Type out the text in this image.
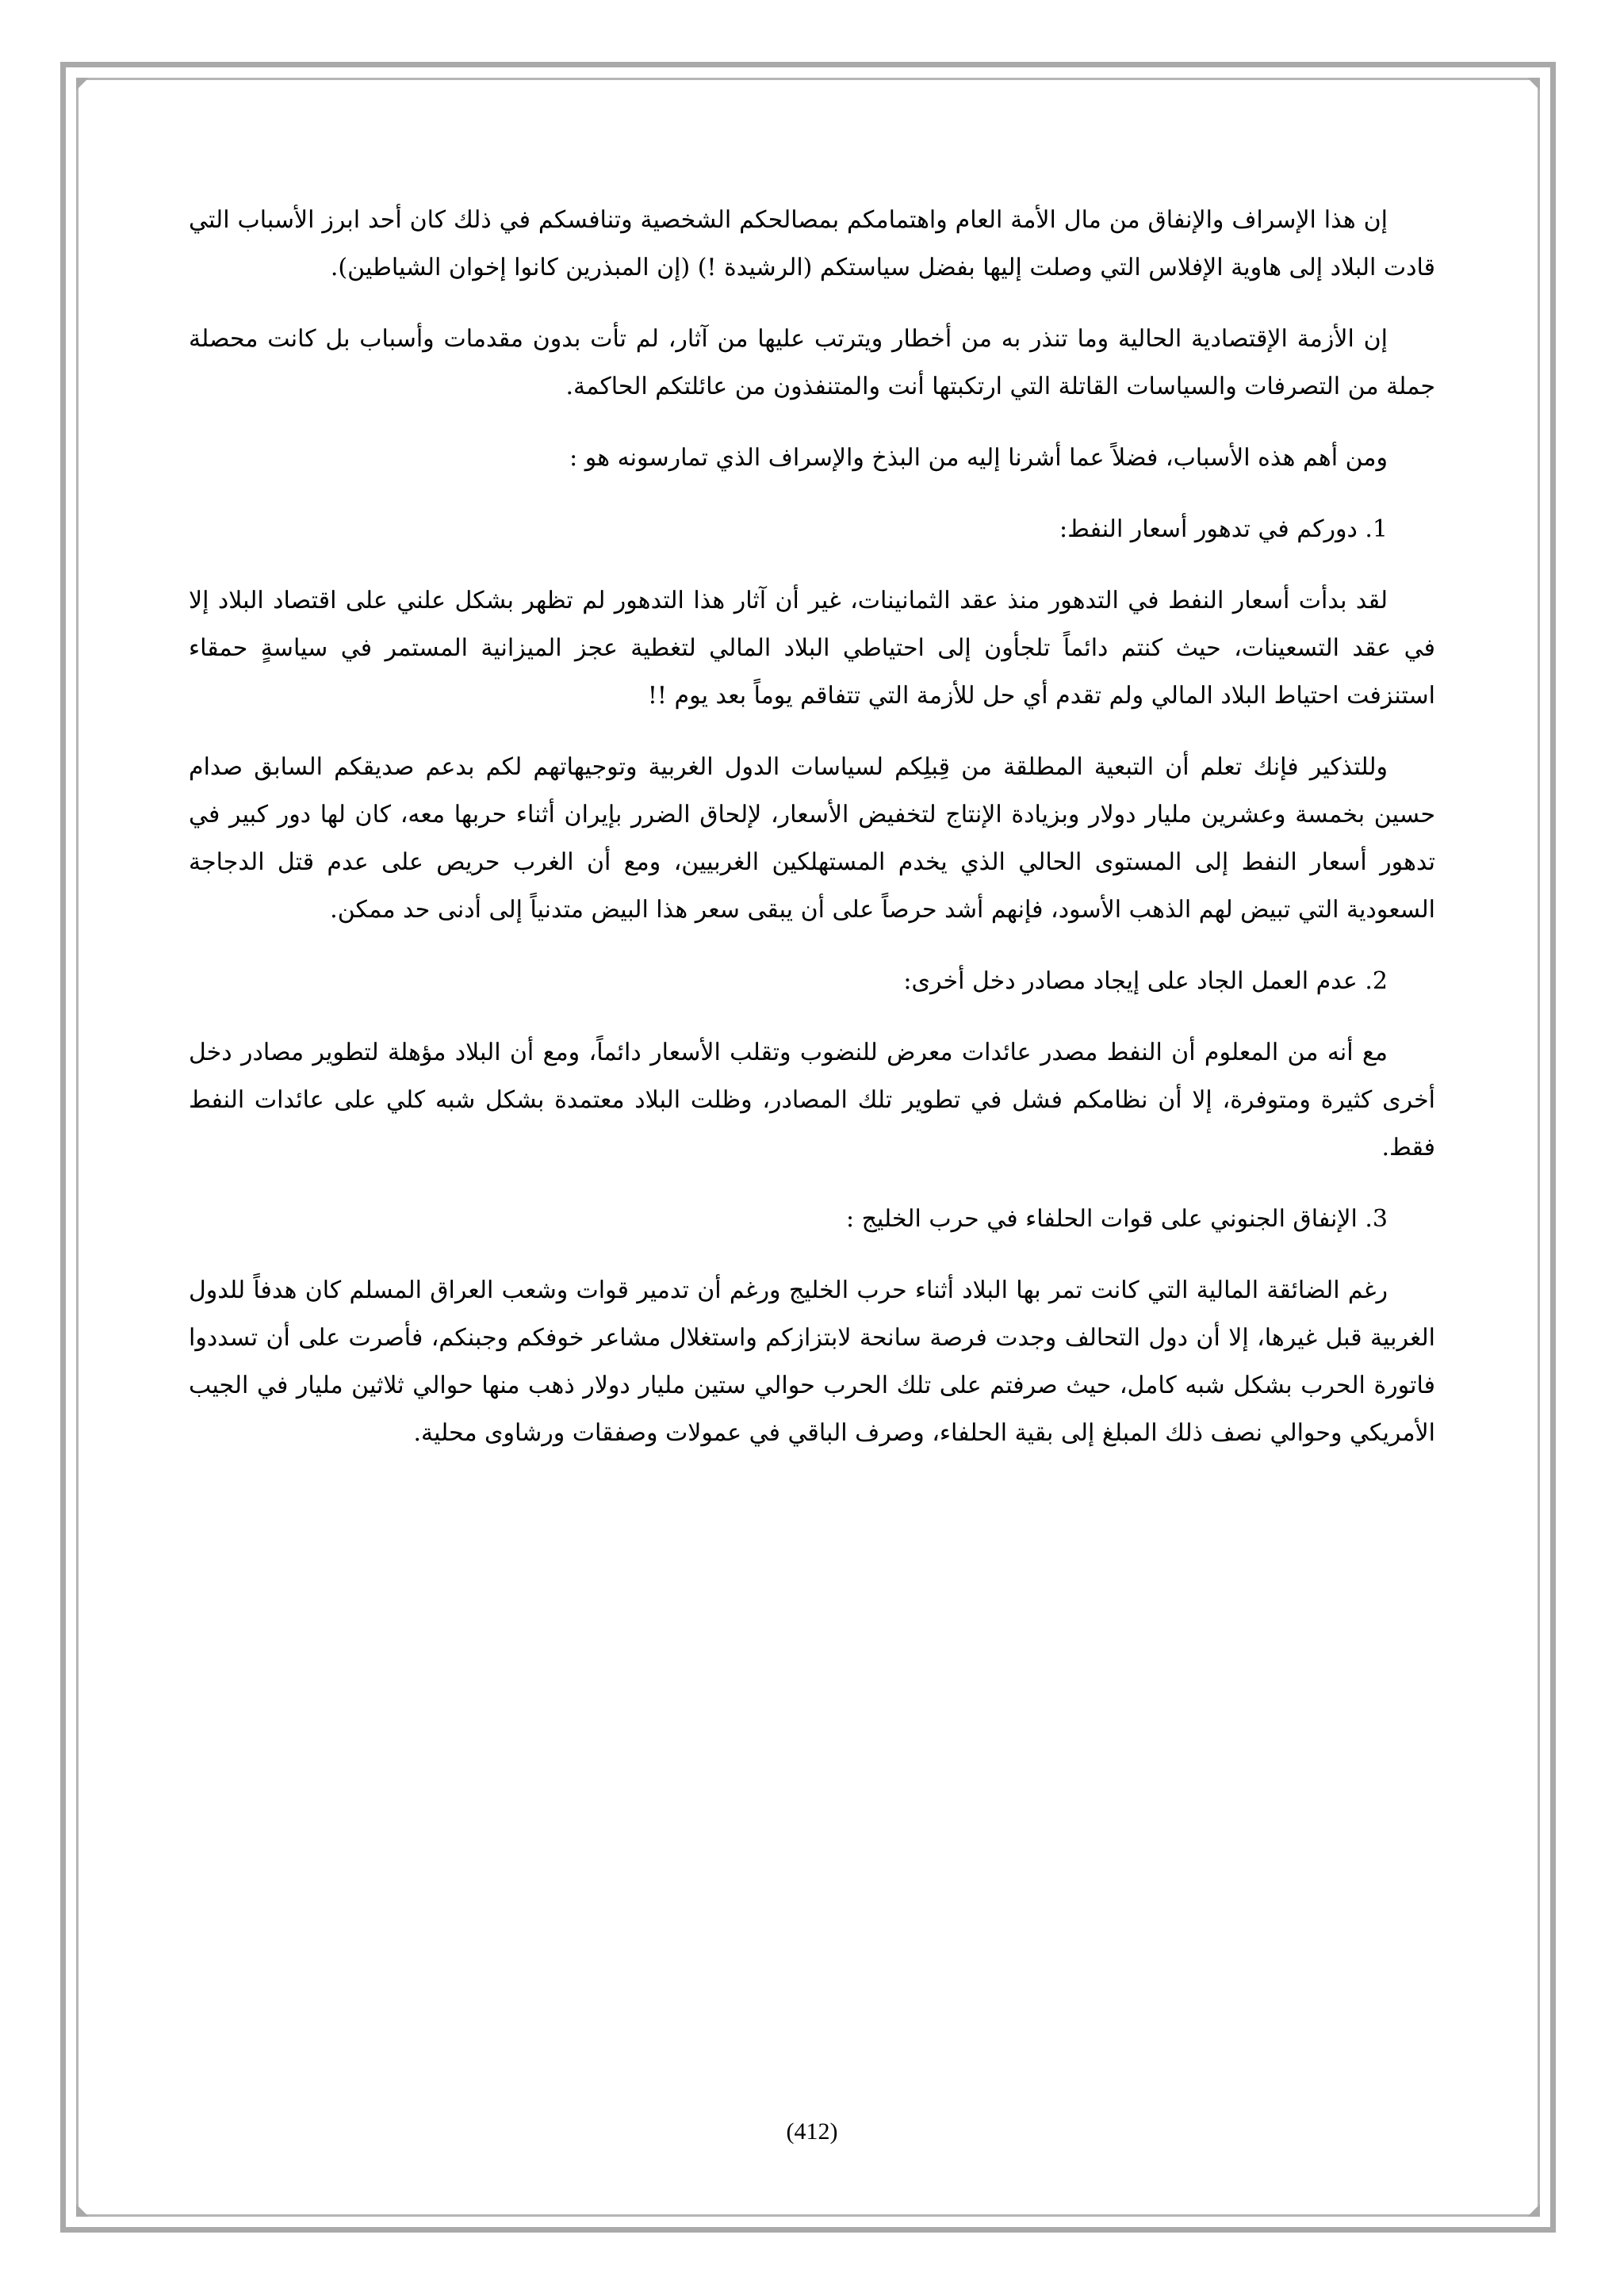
إن هذا الإسراف والإنفاق من مال الأمة العام واهتمامكم بمصالحكم الشخصية وتنافسكم في ذلك كان أحد ابرز الأسباب التي قادت البلاد إلى هاوية الإفلاس التي وصلت إليها بفضل سياستكم (الرشيدة !) (إن المبذرين كانوا إخوان الشياطين).

إن الأزمة الإقتصادية الحالية وما تنذر به من أخطار ويترتب عليها من آثار، لم تأت بدون مقدمات وأسباب بل كانت محصلة جملة من التصرفات والسياسات القاتلة التي ارتكبتها أنت والمتنفذون من عائلتكم الحاكمة.

ومن أهم هذه الأسباب، فضلاً عما أشرنا إليه من البذخ والإسراف الذي تمارسونه هو :

1. دوركم في تدهور أسعار النفط:

لقد بدأت أسعار النفط في التدهور منذ عقد الثمانينات، غير أن آثار هذا التدهور لم تظهر بشكل علني على اقتصاد البلاد إلا في عقد التسعينات، حيث كنتم دائماً تلجأون إلى احتياطي البلاد المالي لتغطية عجز الميزانية المستمر في سياسةٍ حمقاء استنزفت احتياط البلاد المالي ولم تقدم أي حل للأزمة التي تتفاقم يوماً بعد يوم !!

وللتذكير فإنك تعلم أن التبعية المطلقة من قِبلِكم لسياسات الدول الغربية وتوجيهاتهم لكم بدعم صديقكم السابق صدام حسين بخمسة وعشرين مليار دولار وبزيادة الإنتاج لتخفيض الأسعار، لإلحاق الضرر بإيران أثناء حربها معه، كان لها دور كبير في تدهور أسعار النفط إلى المستوى الحالي الذي يخدم المستهلكين الغربيين، ومع أن الغرب حريص على عدم قتل الدجاجة السعودية التي تبيض لهم الذهب الأسود، فإنهم أشد حرصاً على أن يبقى سعر هذا البيض متدنياً إلى أدنى حد ممكن.

2. عدم العمل الجاد على إيجاد مصادر دخل أخرى:

مع أنه من المعلوم أن النفط مصدر عائدات معرض للنضوب وتقلب الأسعار دائماً، ومع أن البلاد مؤهلة لتطوير مصادر دخل أخرى كثيرة ومتوفرة، إلا أن نظامكم فشل في تطوير تلك المصادر، وظلت البلاد معتمدة بشكل شبه كلي على عائدات النفط فقط.

3. الإنفاق الجنوني على قوات الحلفاء في حرب الخليج :

رغم الضائقة المالية التي كانت تمر بها البلاد أثناء حرب الخليج ورغم أن تدمير قوات وشعب العراق المسلم كان هدفاً للدول الغربية قبل غيرها، إلا أن دول التحالف وجدت فرصة سانحة لابتزازكم واستغلال مشاعر خوفكم وجبنكم، فأصرت على أن تسددوا فاتورة الحرب بشكل شبه كامل، حيث صرفتم على تلك الحرب حوالي ستين مليار دولار ذهب منها حوالي ثلاثين مليار في الجيب الأمريكي وحوالي نصف ذلك المبلغ إلى بقية الحلفاء، وصرف الباقي في عمولات وصفقات ورشاوى محلية.

(412)
